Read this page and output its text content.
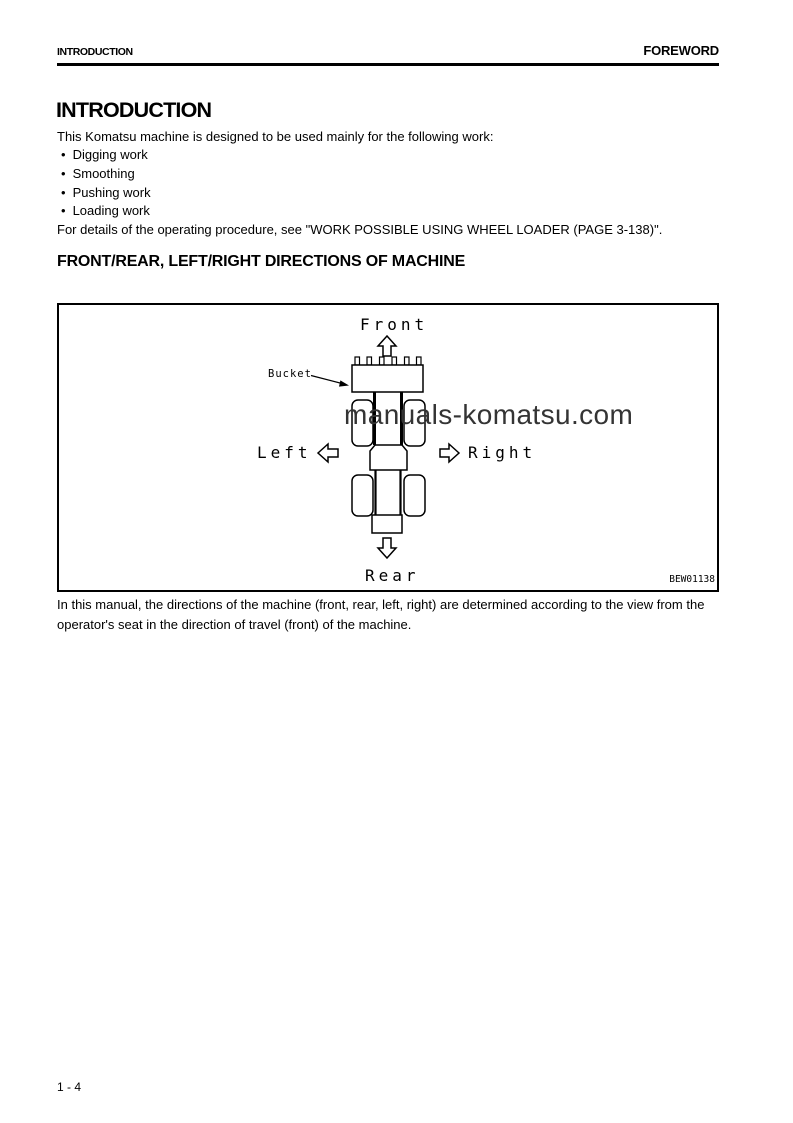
INTRODUCTION	FOREWORD
INTRODUCTION

This Komatsu machine is designed to be used mainly for the following work:

• Digging work
• Smoothing
• Pushing work
• Loading work

For details of the operating procedure, see "WORK POSSIBLE USING WHEEL LOADER (PAGE 3-138)".

FRONT/REAR, LEFT/RIGHT DIRECTIONS OF MACHINE
Front
Bucket
Rear
Left	Right
BEW01138
manuals-komatsu.com

In this manual, the directions of the machine (front, rear, left, right) are determined according to the view from the operator's seat in the direction of travel (front) of the machine.

1 - 4
